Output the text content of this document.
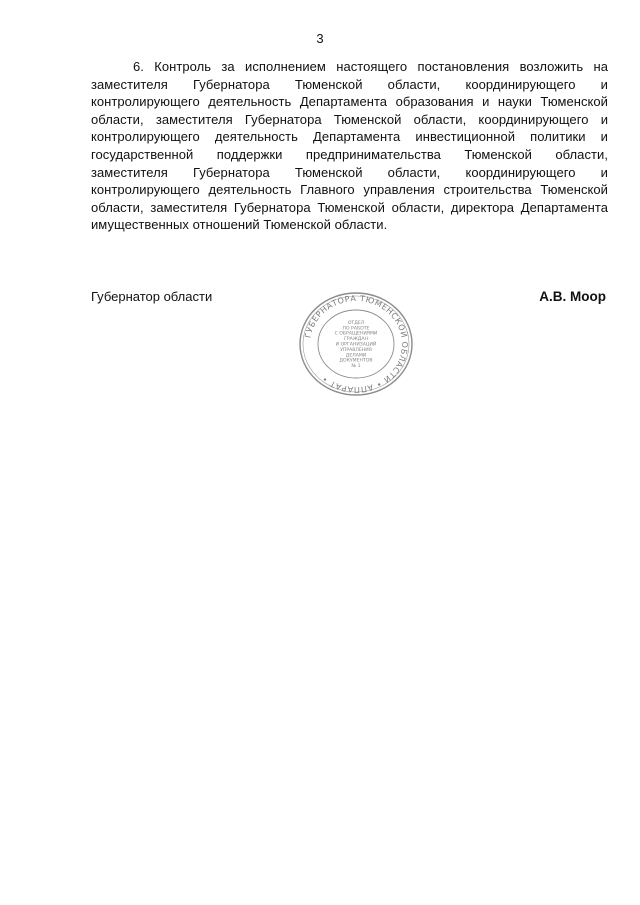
3

6. Контроль за исполнением настоящего постановления возложить на заместителя Губернатора Тюменской области, координирующего и контролирующего деятельность Департамента образования и науки Тюменской области, заместителя Губернатора Тюменской области, координирующего и контролирующего деятельность Департамента инвестиционной политики и государственной поддержки предпринимательства Тюменской области, заместителя Губернатора Тюменской области, координирующего и контролирующего деятельность Главного управления строительства Тюменской области, заместителя Губернатора Тюменской области, директора Департамента имущественных отношений Тюменской области.

Губернатор области
ГУБЕРНАТОРА ТЮМЕНСКОЙ ОБЛАСТИ • АППАРАТ •
ОТДЕЛ
ПО РАБОТЕ
С ОБРАЩЕНИЯМИ
ГРАЖДАН
И ОРГАНИЗАЦИЙ
УПРАВЛЕНИЯ
ДЕЛАМИ
ДОКУМЕНТОВ
№ 1
А.В. Моор
